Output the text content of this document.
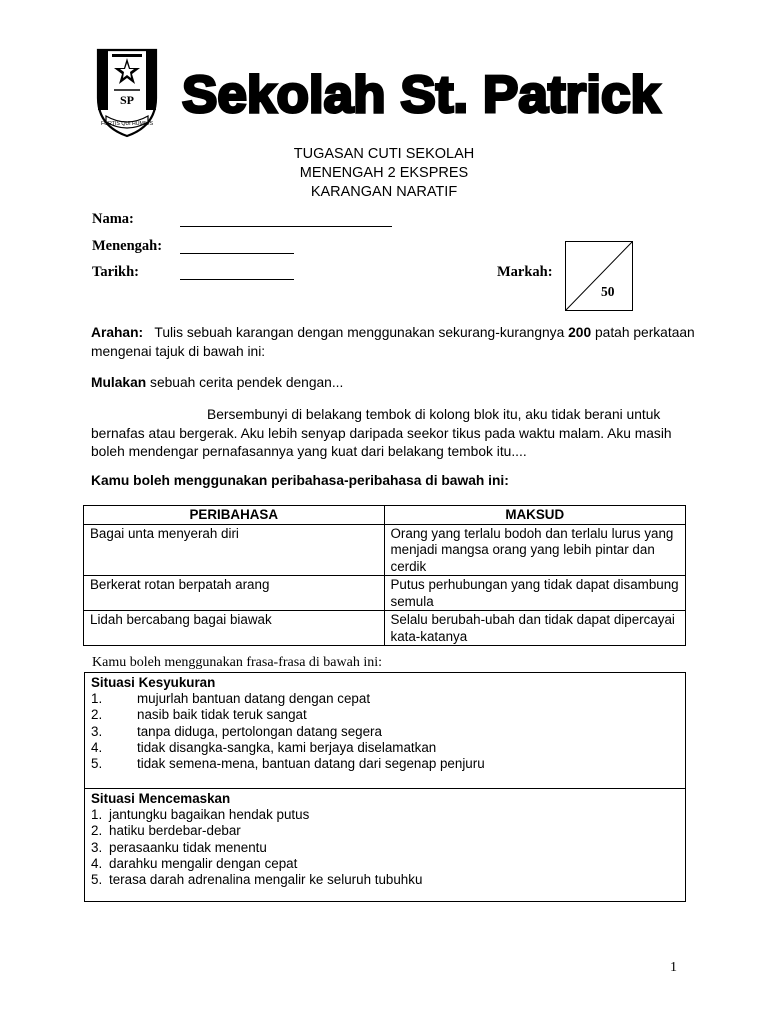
SP
FORTIS QUI HUMILIS Sekolah St. Patrick
TUGASAN CUTI SEKOLAH
MENENGAH 2 EKSPRES
KARANGAN NARATIF
Nama:
Menengah:
Tarikh:	Markah:
50
Arahan: Tulis sebuah karangan dengan menggunakan sekurang-kurangnya 200 patah perkataan mengenai tajuk di bawah ini:
Mulakan sebuah cerita pendek dengan...
Bersembunyi di belakang tembok di kolong blok itu, aku tidak berani untuk
bernafas atau bergerak. Aku lebih senyap daripada seekor tikus pada waktu malam. Aku masih
boleh mendengar pernafasannya yang kuat dari belakang tembok itu....
Kamu boleh menggunakan peribahasa-peribahasa di bawah ini:
PERIBAHASA	MAKSUD
Bagai unta menyerah diri	Orang yang terlalu bodoh dan terlalu lurus yang menjadi mangsa orang yang lebih pintar dan cerdik
Berkerat rotan berpatah arang	Putus perhubungan yang tidak dapat disambung semula
Lidah bercabang bagai biawak	Selalu berubah-ubah dan tidak dapat dipercayai kata-katanya
Kamu boleh menggunakan frasa-frasa di bawah ini:
Situasi Kesyukuran
1.	mujurlah bantuan datang dengan cepat
2.	nasib baik tidak teruk sangat
3.	tanpa diduga, pertolongan datang segera
4.	tidak disangka-sangka, kami berjaya diselamatkan
5.	tidak semena-mena, bantuan datang dari segenap penjuru

Situasi Mencemaskan
1. jantungku bagaikan hendak putus
2. hatiku berdebar-debar
3. perasaanku tidak menentu
4. darahku mengalir dengan cepat
5. terasa darah adrenalina mengalir ke seluruh tubuhku
1
